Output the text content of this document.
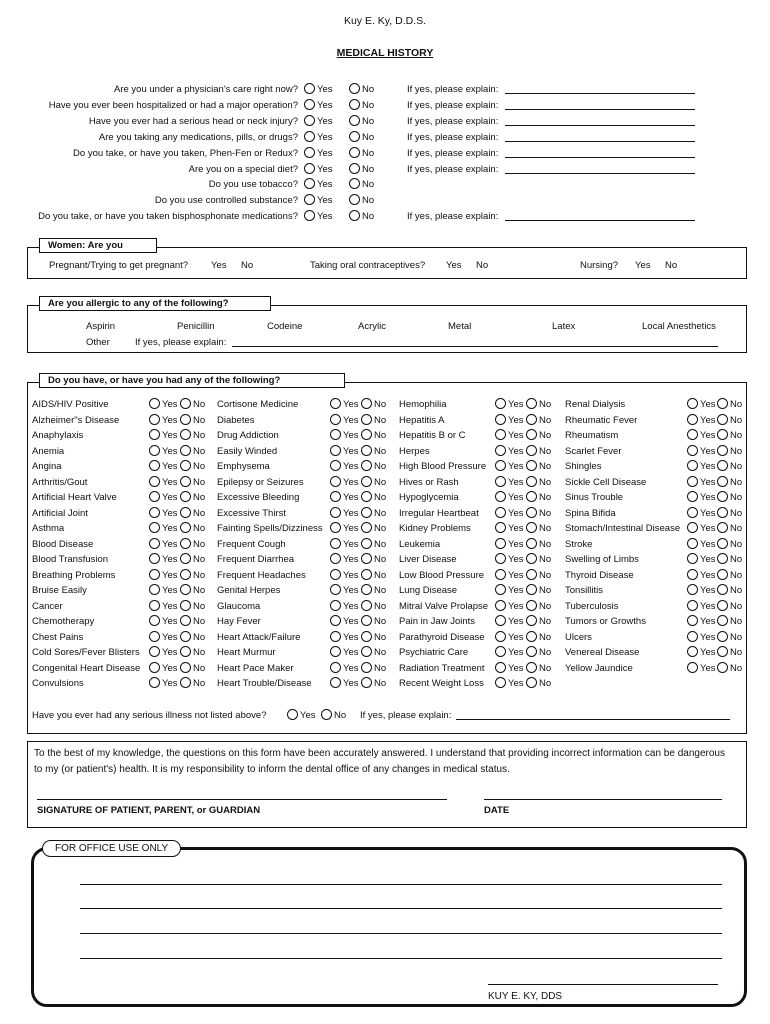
Kuy E. Ky, D.D.S.
MEDICAL HISTORY
Are you under a physician's care right now?	Yes	No	If yes, please explain:
Have you ever been hospitalized or had a major operation?	Yes	No	If yes, please explain:
Have you ever had a serious head or neck injury?	Yes	No	If yes, please explain:
Are you taking any medications, pills, or drugs?	Yes	No	If yes, please explain:
Do you take, or have you taken, Phen-Fen or Redux?	Yes	No	If yes, please explain:
Are you on a special diet?	Yes	No	If yes, please explain:
Do you use tobacco?	Yes	No
Do you use controlled substance?	Yes	No
Do you take, or have you taken bisphosphonate medications?	Yes	No	If yes, please explain:
Women: Are you
Pregnant/Trying to get pregnant? Yes No	Taking oral contraceptives? Yes No	Nursing? Yes No
Are you allergic to any of the following?
Aspirin	Penicillin	Codeine	Acrylic	Metal	Latex	Local Anesthetics
Other	If yes, please explain:
Do you have, or have you had any of the following?
AIDS/HIV Positive	Yes	No
Alzheimer"s Disease	Yes	No
Anaphylaxis	Yes	No
Anemia	Yes	No
Angina	Yes	No
Arthritis/Gout	Yes	No
Artificial Heart Valve	Yes	No
Artificial Joint	Yes	No
Asthma	Yes	No
Blood Disease	Yes	No
Blood Transfusion	Yes	No
Breathing Problems	Yes	No
Bruise Easily	Yes	No
Cancer	Yes	No
Chemotherapy	Yes	No
Chest Pains	Yes	No
Cold Sores/Fever Blisters	Yes	No
Congenital Heart Disease	Yes	No
Convulsions	Yes	No
Cortisone Medicine	Yes	No
Diabetes	Yes	No
Drug Addiction	Yes	No
Easily Winded	Yes	No
Emphysema	Yes	No
Epilepsy or Seizures	Yes	No
Excessive Bleeding	Yes	No
Excessive Thirst	Yes	No
Fainting Spells/Dizziness	Yes	No
Frequent Cough	Yes	No
Frequent Diarrhea	Yes	No
Frequent Headaches	Yes	No
Genital Herpes	Yes	No
Glaucoma	Yes	No
Hay Fever	Yes	No
Heart Attack/Failure	Yes	No
Heart Murmur	Yes	No
Heart Pace Maker	Yes	No
Heart Trouble/Disease	Yes	No
Hemophilia	Yes	No
Hepatitis A	Yes	No
Hepatitis B or C	Yes	No
Herpes	Yes	No
High Blood Pressure	Yes	No
Hives or Rash	Yes	No
Hypoglycemia	Yes	No
Irregular Heartbeat	Yes	No
Kidney Problems	Yes	No
Leukemia	Yes	No
Liver Disease	Yes	No
Low Blood Pressure	Yes	No
Lung Disease	Yes	No
Mitral Valve Prolapse	Yes	No
Pain in Jaw Joints	Yes	No
Parathyroid Disease	Yes	No
Psychiatric Care	Yes	No
Radiation Treatment	Yes	No
Recent Weight Loss	Yes	No
Renal Dialysis	Yes	No
Rheumatic Fever	Yes	No
Rheumatism	Yes	No
Scarlet Fever	Yes	No
Shingles	Yes	No
Sickle Cell Disease	Yes	No
Sinus Trouble	Yes	No
Spina Bifida	Yes	No
Stomach/Intestinal Disease	Yes	No
Stroke	Yes	No
Swelling of Limbs	Yes	No
Thyroid Disease	Yes	No
Tonsillitis	Yes	No
Tuberculosis	Yes	No
Tumors or Growths	Yes	No
Ulcers	Yes	No
Venereal Disease	Yes	No
Yellow Jaundice	Yes	No
Have you ever had any serious illness not listed above?	Yes	No If yes, please explain:
To the best of my knowledge, the questions on this form have been accurately answered. I understand that providing incorrect information can be dangerous to my (or patient's) health. It is my responsibility to inform the dental office of any changes in medical status.
SIGNATURE OF PATIENT, PARENT, or GUARDIAN	DATE
FOR OFFICE USE ONLY
KUY E. KY, DDS
